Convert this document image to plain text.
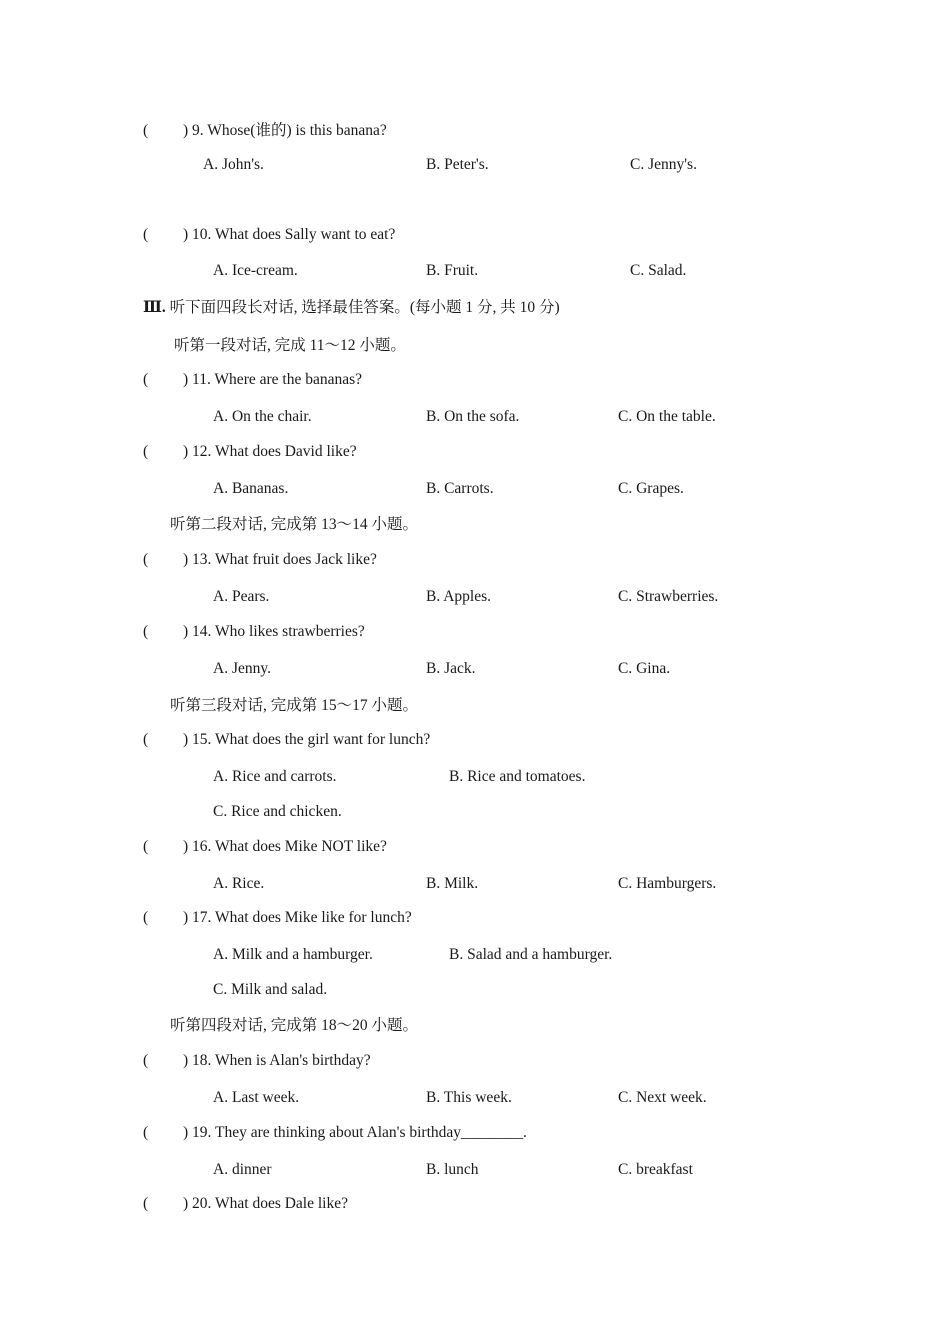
( ) 9. Whose(谁的) is this banana?
A. John's.	B. Peter's.	C. Jenny's.
( ) 10. What does Sally want to eat?
A. Ice-cream.	B. Fruit.	C. Salad.
Ⅲ. 听下面四段长对话, 选择最佳答案。(每小题 1 分, 共 10 分)
听第一段对话, 完成 11～12 小题。
( ) 11. Where are the bananas?
A. On the chair.	B. On the sofa.	C. On the table.
( ) 12. What does David like?
A. Bananas.	B. Carrots.	C. Grapes.
听第二段对话, 完成第 13～14 小题。
( ) 13. What fruit does Jack like?
A. Pears.	B. Apples.	C. Strawberries.
( ) 14. Who likes strawberries?
A. Jenny.	B. Jack.	C. Gina.
听第三段对话, 完成第 15～17 小题。
( ) 15. What does the girl want for lunch?
A. Rice and carrots.	B. Rice and tomatoes.
C. Rice and chicken.
( ) 16. What does Mike NOT like?
A. Rice.	B. Milk.	C. Hamburgers.
( ) 17. What does Mike like for lunch?
A. Milk and a hamburger.	B. Salad and a hamburger.
C. Milk and salad.
听第四段对话, 完成第 18～20 小题。
( ) 18. When is Alan's birthday?
A. Last week.	B. This week.	C. Next week.
( ) 19. They are thinking about Alan's birthday________.
A. dinner	B. lunch	C. breakfast
( ) 20. What does Dale like?
